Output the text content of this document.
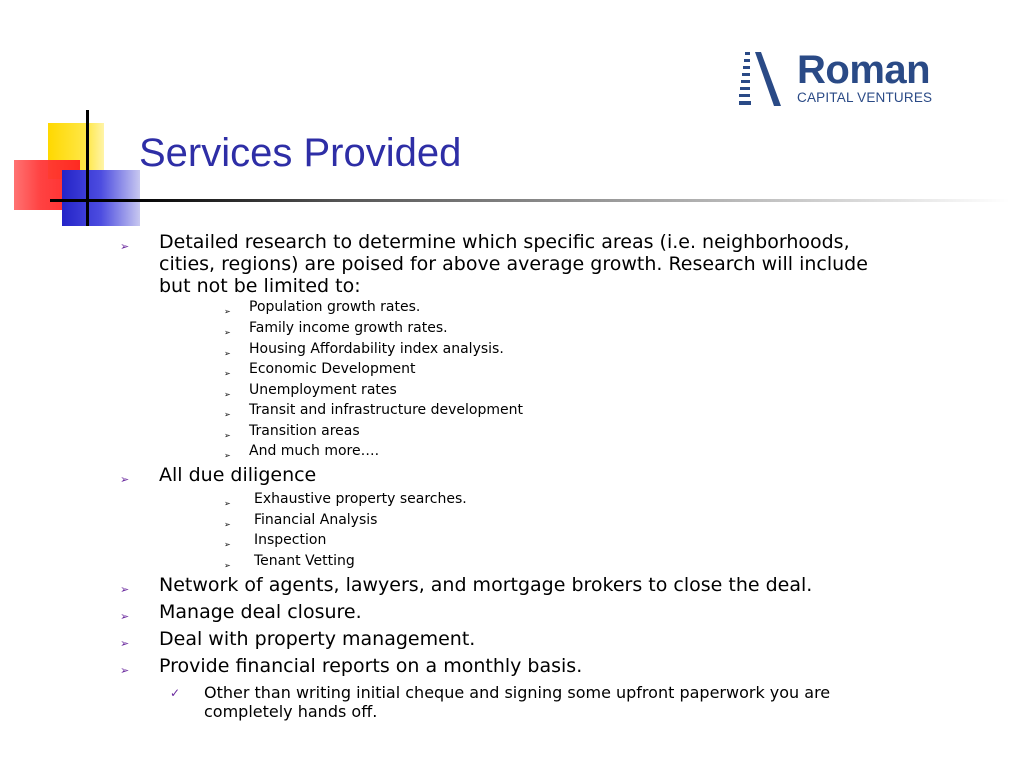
Services Provided
Roman
CAPITAL VENTURES
➢ Detailed research to determine which specific areas (i.e. neighborhoods, cities, regions) are poised for above average growth. Research will include but not be limited to:
➢ Population growth rates.
➢ Family income growth rates.
➢ Housing Affordability index analysis.
➢ Economic Development
➢ Unemployment rates
➢ Transit and infrastructure development
➢ Transition areas
➢ And much more….
➢ All due diligence
➢ Exhaustive property searches.
➢ Financial Analysis
➢ Inspection
➢ Tenant Vetting
➢ Network of agents, lawyers, and mortgage brokers to close the deal.
➢ Manage deal closure.
➢ Deal with property management.
➢ Provide financial reports on a monthly basis.
✓ Other than writing initial cheque and signing some upfront paperwork you are completely hands off.
